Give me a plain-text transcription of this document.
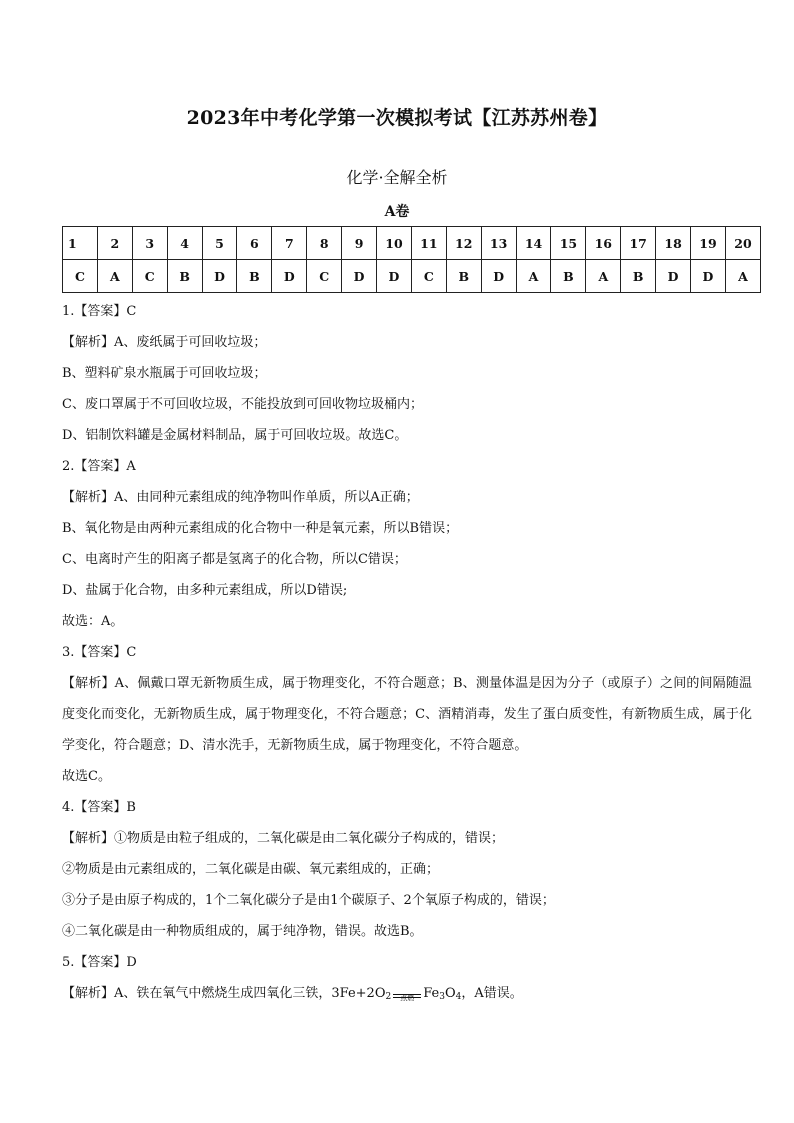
2023年中考化学第一次模拟考试【江苏苏州卷】
化学·全解全析
A卷
1	2	3	4	5	6	7	8	9	10	11	12	13	14	15	16	17	18	19	20
C	A	C	B	D	B	D	C	D	D	C	B	D	A	B	A	B	D	D	A
1.【答案】C
【解析】A、废纸属于可回收垃圾；
B、塑料矿泉水瓶属于可回收垃圾；
C、废口罩属于不可回收垃圾，不能投放到可回收物垃圾桶内；
D、铝制饮料罐是金属材料制品，属于可回收垃圾。故选C。
2.【答案】A
【解析】A、由同种元素组成的纯净物叫作单质，所以A正确；
B、氧化物是由两种元素组成的化合物中一种是氧元素，所以B错误；
C、电离时产生的阳离子都是氢离子的化合物，所以C错误；
D、盐属于化合物，由多种元素组成，所以D错误;
故选：A。
3.【答案】C
【解析】A、佩戴口罩无新物质生成，属于物理变化，不符合题意；B、测量体温是因为分子（或原子）之间的间隔随温度变化而变化，无新物质生成，属于物理变化，不符合题意；C、酒精消毒，发生了蛋白质变性，有新物质生成，属于化学变化，符合题意；D、清水洗手，无新物质生成，属于物理变化，不符合题意。
故选C。
4.【答案】B
【解析】①物质是由粒子组成的，二氧化碳是由二氧化碳分子构成的，错误；
②物质是由元素组成的，二氧化碳是由碳、氧元素组成的，正确；
③分子是由原子构成的，1个二氧化碳分子是由1个碳原子、2个氧原子构成的，错误；
④二氧化碳是由一种物质组成的，属于纯净物，错误。故选B。
5.【答案】D
【解析】A、铁在氧气中燃烧生成四氧化三铁，$3Fe+2O_2$	点燃 $Fe_3O_4$，A错误。
